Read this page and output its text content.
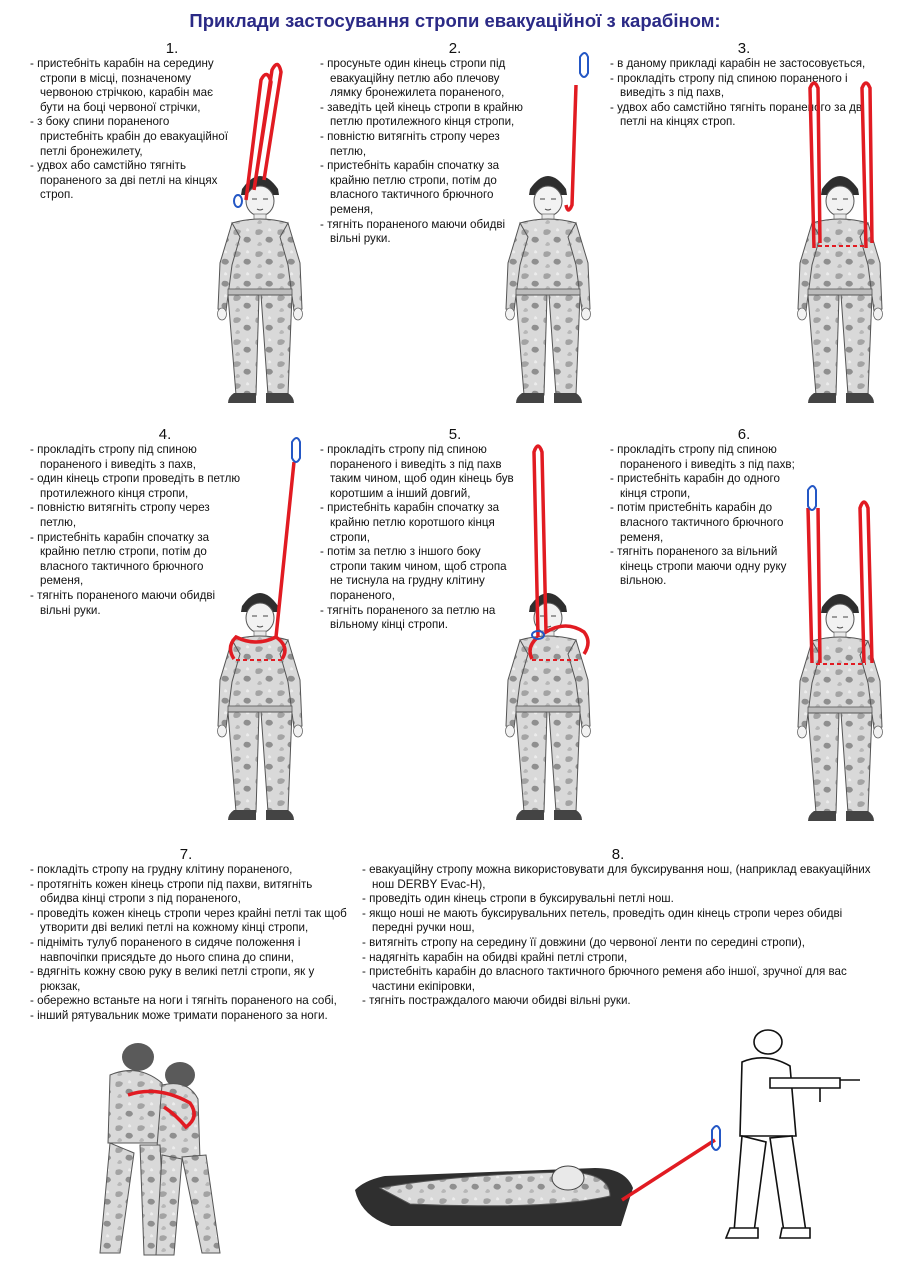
Приклади застосування стропи евакуаційної з карабіном:
1.
- пристебніть карабін на середину стропи в місці, позначеному червоною стрічкою, карабін має бути на боці червоної стрічки,
- з боку спини пораненого пристебніть крабін до евакуаційної петлі бронежилету,
- удвох або самстійно тягніть пораненого за дві петлі на кінцях строп.
2.
- просуньте один кінець стропи під евакуаційну петлю або плечову лямку бронежилета пораненого,
- заведіть цей кінець стропи в крайню петлю протилежного кінця стропи,
- повністю витягніть стропу через петлю,
- пристебніть карабін спочатку за крайню петлю стропи, потім до власного тактичного брючного ременя,
- тягніть пораненого маючи обидві вільні руки.
3.
- в даному прикладі карабін не застосовується,
- прокладіть стропу під спиною пораненого і виведіть з під пахв,
- удвох або самстійно тягніть пораненого за дві петлі на кінцях строп.
4.
- прокладіть стропу під спиною пораненого і виведіть з пахв,
- один кінець стропи проведіть в петлю протилежного кінця стропи,
- повністю витягніть стропу через петлю,
- пристебніть карабін спочатку за крайню петлю стропи, потім до власного тактичного брючного ременя,
- тягніть пораненого маючи обидві вільні руки.
5.
- прокладіть стропу під спиною пораненого і виведіть з під пахв таким чином, щоб один кінець був коротшим а інший довгий,
- пристебніть карабін спочатку за крайню петлю коротшого кінця стропи,
- потім за петлю з іншого боку стропи таким чином, щоб стропа не тиснула на грудну клітину пораненого,
- тягніть пораненого за петлю на вільному кінці стропи.
6.
- прокладіть стропу під спиною пораненого і виведіть з під пахв;
- пристебніть карабін до одного кінця стропи,
- потім пристебніть карабін до власного тактичного брючного ременя,
- тягніть пораненого за вільний кінець стропи маючи одну руку вільною.
7.
- покладіть стропу на грудну клітину пораненого,
- протягніть кожен кінець стропи під пахви, витягніть обидва кінці стропи з під пораненого,
- проведіть кожен кінець стропи через крайні петлі так щоб утворити дві великі петлі на кожному кінці стропи,
- підніміть тулуб пораненого в сидяче положення і навпочіпки присядьте до нього спина до спини,
- вдягніть кожну свою руку в великі петлі стропи, як у рюкзак,
- обережно встаньте на ноги і тягніть пораненого на собі,
- інший рятувальник може тримати пораненого за ноги.
8.
- евакуаційну стропу можна використовувати для буксирування нош, (наприклад евакуаційних нош DERBY Evac-H),
- проведіть один кінець стропи в буксирувальні петлі нош.
- якщо ноші не мають буксирувальних петель, проведіть один кінець стропи через обидві передні ручки нош,
- витягніть стропу на середину її довжини (до червоної ленти по середині стропи),
- надягніть карабін на обидві крайні петлі стропи,
- пристебніть карабін до власного тактичного брючного ременя або іншої, зручної для вас частини екіпіровки,
- тягніть постраждалого маючи обидві вільні руки.
